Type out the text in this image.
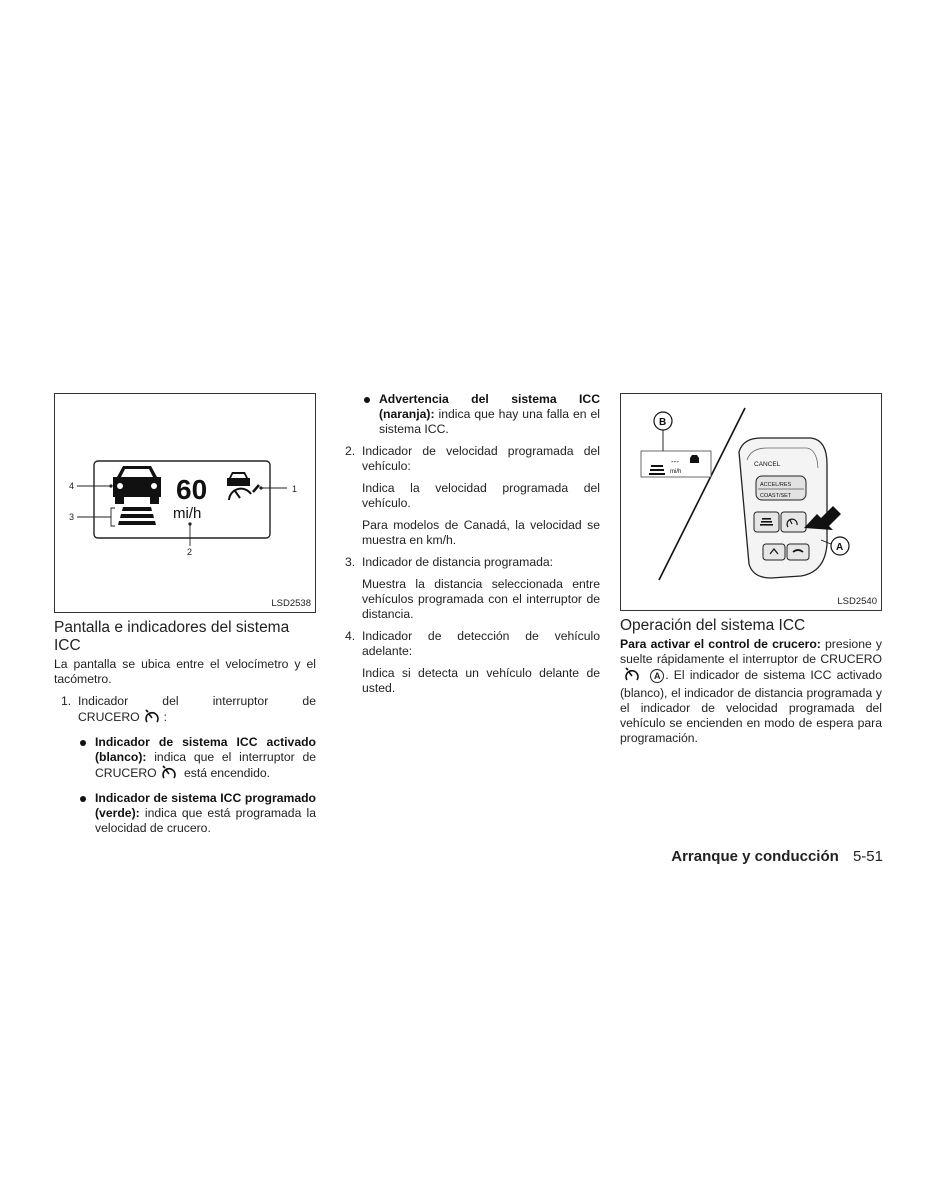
60
mi/h
1
4
3
2
LSD2538
Pantalla e indicadores del sistema ICC

La pantalla se ubica entre el velocímetro y el tacómetro.

1. Indicador del interruptor de
CRUCERO :
Indicador de sistema ICC activado (blanco): indica que el interruptor de CRUCERO está encendido.
Indicador de sistema ICC programado (verde): indica que está programada la velocidad de crucero.
Advertencia del sistema ICC (naranja): indica que hay una falla en el sistema ICC.
2. Indicador de velocidad programada del vehículo:

Indica la velocidad programada del vehículo.

Para modelos de Canadá, la velocidad se muestra en km/h.

3. Indicador de distancia programada:

Muestra la distancia seleccionada entre vehículos programada con el interruptor de distancia.

4. Indicador de detección de vehículo adelante:

Indica si detecta un vehículo delante de usted.

B
---
mi/h
CANCEL
ACCEL/RES
COAST/SET
A
LSD2540
Operación del sistema ICC

Para activar el control de crucero: presione y suelte rápidamente el interruptor de CRUCERO A . El indicador de sistema ICC activado (blanco), el indicador de distancia programada y el indicador de velocidad programada del vehículo se encienden en modo de espera para programación.

Arranque y conducción 5-51
